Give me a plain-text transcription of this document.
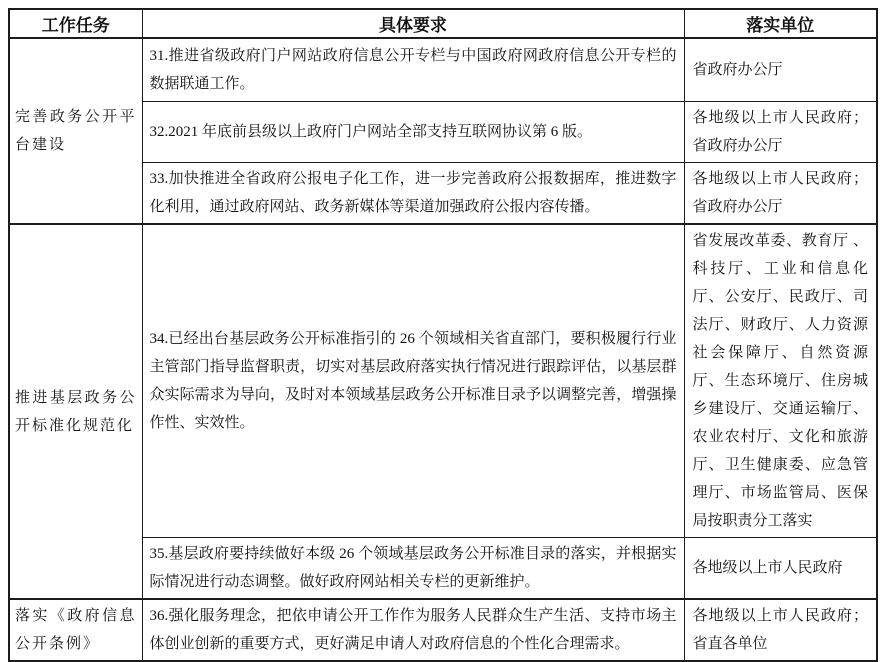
工作任务	具体要求	落实单位
完善政务公开平台建设	31.推进省级政府门户网站政府信息公开专栏与中国政府网政府信息公开专栏的数据联通工作。	省政府办公厅
	32.2021 年底前县级以上政府门户网站全部支持互联网协议第 6 版。	各地级以上市人民政府；省政府办公厅
	33.加快推进全省政府公报电子化工作，进一步完善政府公报数据库，推进数字化利用，通过政府网站、政务新媒体等渠道加强政府公报内容传播。	各地级以上市人民政府；省政府办公厅
推进基层政务公开标准化规范化	34.已经出台基层政务公开标准指引的 26 个领域相关省直部门，要积极履行行业主管部门指导监督职责，切实对基层政府落实执行情况进行跟踪评估，以基层群众实际需求为导向，及时对本领域基层政务公开标准目录予以调整完善，增强操作性、实效性。	省发展改革委、教育厅 、科技厅、工业和信息化厅、公安厅、民政厅、司法厅、财政厅、人力资源社会保障厅、自然资源厅、生态环境厅、住房城乡建设厅、交通运输厅、农业农村厅、文化和旅游厅、卫生健康委、应急管理厅、市场监管局、医保局按职责分工落实
	35.基层政府要持续做好本级 26 个领域基层政务公开标准目录的落实，并根据实际情况进行动态调整。做好政府网站相关专栏的更新维护。	各地级以上市人民政府
落实《政府信息公开条例》	36.强化服务理念，把依申请公开工作作为服务人民群众生产生活、支持市场主体创业创新的重要方式，更好满足申请人对政府信息的个性化合理需求。	各地级以上市人民政府；省直各单位
